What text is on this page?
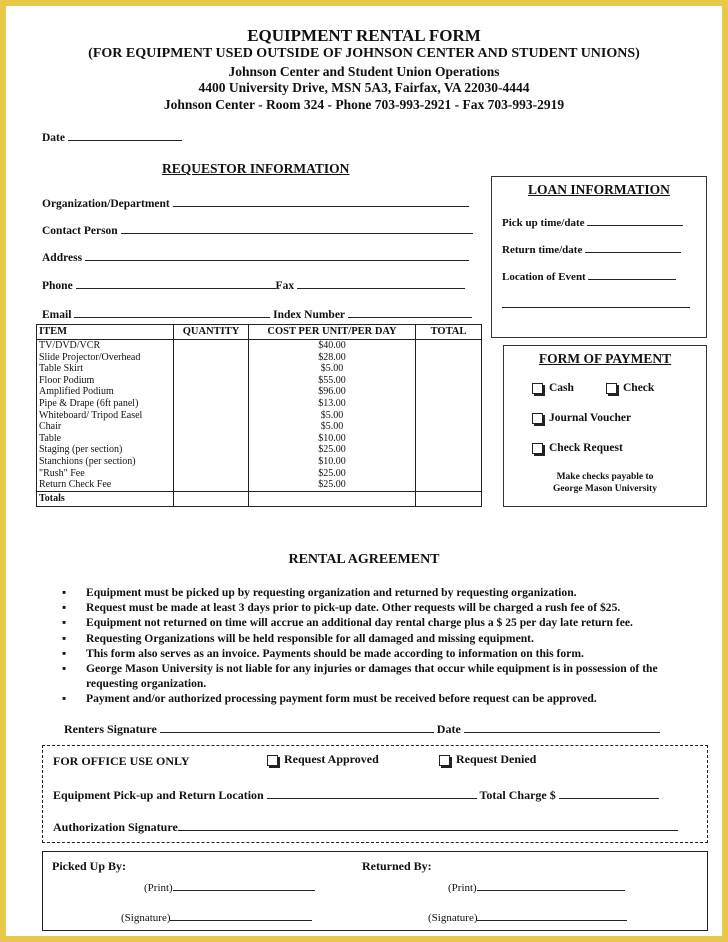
EQUIPMENT RENTAL FORM
(FOR EQUIPMENT USED OUTSIDE OF JOHNSON CENTER AND STUDENT UNIONS)
Johnson Center and Student Union Operations
4400 University Drive, MSN 5A3, Fairfax, VA 22030-4444
Johnson Center - Room 324 - Phone 703-993-2921 - Fax 703-993-2919
Date
REQUESTOR INFORMATION
Organization/Department
Contact Person
Address
Phone	Fax
Email	Index Number
LOAN INFORMATION
Pick up time/date
Return time/date
Location of Event
FORM OF PAYMENT
Cash	Check
Journal Voucher
Check Request
Make checks payable to
George Mason University
ITEM	QUANTITY	COST PER UNIT/PER DAY	TOTAL
TV/DVD/VCR		$40.00	
Slide Projector/Overhead		$28.00	
Table Skirt		$5.00	
Floor Podium		$55.00	
Amplified Podium		$96.00	
Pipe & Drape (6ft panel)		$13.00	
Whiteboard/ Tripod Easel		$5.00	
Chair		$5.00	
Table		$10.00	
Staging (per section)		$25.00	
Stanchions (per section)		$10.00	
"Rush" Fee		$25.00	
Return Check Fee		$25.00	
Totals			
RENTAL AGREEMENT
▪ Equipment must be picked up by requesting organization and returned by requesting organization.
▪ Request must be made at least 3 days prior to pick-up date. Other requests will be charged a rush fee of $25.
▪ Equipment not returned on time will accrue an additional day rental charge plus a $ 25 per day late return fee.
▪ Requesting Organizations will be held responsible for all damaged and missing equipment.
▪ This form also serves as an invoice. Payments should be made according to information on this form.
▪ George Mason University is not liable for any injuries or damages that occur while equipment is in possession of the requesting organization.
▪ Payment and/or authorized processing payment form must be received before request can be approved.
Renters Signature	Date
FOR OFFICE USE ONLY	Request Approved	Request Denied
Equipment Pick-up and Return Location	Total Charge $
Authorization Signature
Picked Up By:	Returned By:
(Print)	(Print)
(Signature)	(Signature)
